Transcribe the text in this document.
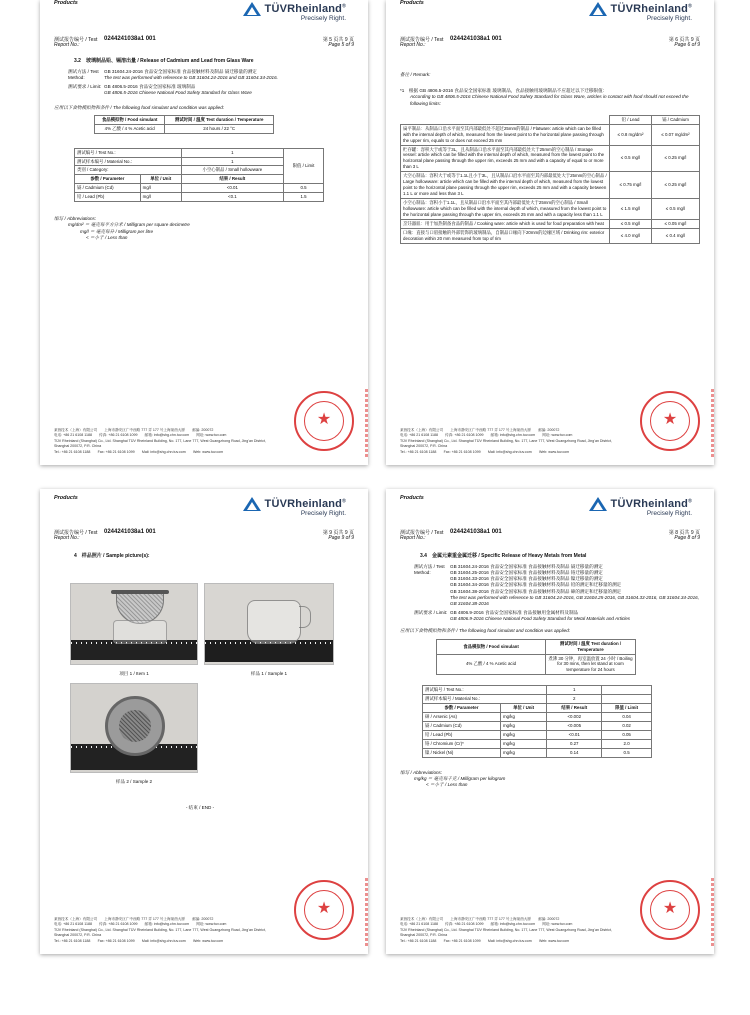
Products	TÜVRheinland®
Precisely Right.
测试报告编号 / Test 0244241038a1 001	第 5 页共 9 页
Report No.:	Page 5 of 9
3.2　玻璃制品铅、镉溶出量 / Release of Cadmium and Lead from Glass Ware
测试方法 / Test Method:
GB 31604.24-2016 食品安全国家标准 食品接触材料及制品 镉迁移量的测定
The test was performed with reference to GB 31604.24-2016 and GB 31604.34-2016.
测试要求 / Limit: GB 4806.5-2016 食品安全国家标准 玻璃制品
GB 4806.5-2016 Chinese National Food Safety Standard for Glass Ware
应用以下食物模拟物和条件 / The following food simulant and condition was applied:
食品模拟物 / Food simulant	测试时间 / 温度 Test duration / Temperature
4% 乙酸 / 4 % Acetic acid	24 hours / 22 °C
测试编号 / Test No.:		1	限值 / Limit
测试样本编号 / Material No.:		1	
类别 / Category:		小空心制品 / Small hollowware	
参数 / Parameter	单位 / Unit	结果 / Result	
镉 / Cadmium (Cd)	mg/l	<0.01	0.5
铅 / Lead (Pb)	mg/l	<0.1	1.5
缩写 / Abbreviations:
mg/dm² ＝ 毫克每平方分米 / Milligram per square decimetre
mg/l ＝ 毫克每升 / Milligram per litre
< ＝小于 / Less than
莱茵技术（上海）有限公司　　上海市静安区广中西路 777 弄 177 号上海莱茵大厦　　邮编: 200072
电话: +86 21 6108 1188　　传真: +86 21 6108 1099　　邮箱: info@shg.chn.tuv.com　　网址: www.tuv.com
TÜV Rheinland (Shanghai) Co., Ltd. Shanghai TÜV Rheinland Building, No. 177, Lane 777, West Guangzhong Road, Jing'an District,
Shanghai 200072, P.R. China
Tel.: +86 21 6108 1188　　Fax: +86 21 6108 1099　　Mail: info@shg.chn.tuv.com　　Web: www.tuv.com
★
Products	TÜVRheinland®
Precisely Right.
测试报告编号 / Test 0244241038a1 001	第 6 页共 9 页
Report No.:	Page 6 of 9
备注 / Remark:
*1　根据 GB 4806.5-2016 食品安全国家标准 玻璃制品，食品接触用玻璃制品不应超过以下迁移限值:
According to GB 4806.5-2016 Chinese National Food Safety Standard for Glass Ware, articles in contact with food should not exceed the following limits:
	铅 / Lead	镉 / Cadmium
扁平制品：从制品口沿水平面至其内部最低处不超过25mm的制品 / Flatware: article which can be filled with the internal depth of which, measured from the lowest point to the horizontal plane passing through the upper rim, equals to or does not exceed 25 mm	≤ 0.8 mg/dm²	≤ 0.07 mg/dm²
贮存罐：容积大于或等于3L，且从制品口沿水平面至其内部最低处大于25mm的空心制品 / Storage vessel: article which can be filled with the internal depth of which, measured from the lowest point to the horizontal plane passing through the upper rim, exceeds 25 mm and with a capacity of equal to or more than 3 L	≤ 0.5 mg/l	≤ 0.25 mg/l
大空心制品：容积大于或等于1.1L且小于3L，且从制品口沿水平面至其内部最低处大于25mm的空心制品 / Large hollowware: article which can be filled with the internal depth of which, measured from the lowest point to the horizontal plane passing through the upper rim, exceeds 25 mm and with a capacity between 1.1 L or more and less than 3 L	≤ 0.75 mg/l	≤ 0.25 mg/l
小空心制品：容积小于1.1L，且从制品口沿水平面至其内部最低处大于25mm的空心制品 / Small hollowware: article which can be filled with the internal depth of which, measured from the lowest point to the horizontal plane passing through the upper rim, exceeds 25 mm and with a capacity less than 1.1 L	≤ 1.5 mg/l	≤ 0.5 mg/l
烹饪器皿：用于加热制备食品的制品 / Cooking ware: article which is used for food preparation with heat	≤ 0.5 mg/l	≤ 0.05 mg/l
口缘：直接与口唇接触的外部装饰的玻璃制品，自制品口缘向下20mm的边缘区域 / Drinking rim: exterior decoration within 20 mm measured from top of rim	≤ 4.0 mg/l	≤ 0.4 mg/l
莱茵技术（上海）有限公司　　上海市静安区广中西路 777 弄 177 号上海莱茵大厦　　邮编: 200072
电话: +86 21 6108 1188　　传真: +86 21 6108 1099　　邮箱: info@shg.chn.tuv.com　　网址: www.tuv.com
TÜV Rheinland (Shanghai) Co., Ltd. Shanghai TÜV Rheinland Building, No. 177, Lane 777, West Guangzhong Road, Jing'an District,
Shanghai 200072, P.R. China
Tel.: +86 21 6108 1188　　Fax: +86 21 6108 1099　　Mail: info@shg.chn.tuv.com　　Web: www.tuv.com
★
Products	TÜVRheinland®
Precisely Right.
测试报告编号 / Test 0244241038a1 001	第 9 页共 9 页
Report No.:	Page 9 of 9
4　样品照片 / Sample picture(s):
项目 1 / Item 1	样品 1 / Sample 1
样品 2 / Sample 2
- 结束 / END -
莱茵技术（上海）有限公司　　上海市静安区广中西路 777 弄 177 号上海莱茵大厦　　邮编: 200072
电话: +86 21 6108 1188　　传真: +86 21 6108 1099　　邮箱: info@shg.chn.tuv.com　　网址: www.tuv.com
TÜV Rheinland (Shanghai) Co., Ltd. Shanghai TÜV Rheinland Building, No. 177, Lane 777, West Guangzhong Road, Jing'an District,
Shanghai 200072, P.R. China
Tel.: +86 21 6108 1188　　Fax: +86 21 6108 1099　　Mail: info@shg.chn.tuv.com　　Web: www.tuv.com
★
Products	TÜVRheinland®
Precisely Right.
测试报告编号 / Test 0244241038a1 001	第 8 页共 9 页
Report No.:	Page 8 of 9
3.4　金属元素重金属迁移 / Specific Release of Heavy Metals from Metal
测试方法 / Test Method:
GB 31604.24-2016 食品安全国家标准 食品接触材料及制品 镉迁移量的测定
GB 31604.25-2016 食品安全国家标准 食品接触材料及制品 铬迁移量的测定
GB 31604.33-2016 食品安全国家标准 食品接触材料及制品 镍迁移量的测定
GB 31604.34-2016 食品安全国家标准 食品接触材料及制品 铅的测定和迁移量的测定
GB 31604.38-2016 食品安全国家标准 食品接触材料及制品 砷的测定和迁移量的测定
The test was performed with reference to GB 31604.24-2016, GB 31604.25-2016, GB 31604.33-2016, GB 31604.34-2016, GB 31604.38-2016
测试要求 / Limit: GB 4806.9-2016 食品安全国家标准 食品接触用金属材料及制品
GB 4806.9-2016 Chinese National Food Safety Standard for Metal Materials and Articles
应用以下食物模拟物和条件 / The following food simulant and condition was applied:
食品模拟物 / Food simulant	测试时间 / 温度 Test duration / Temperature
4% 乙酸 / 4 % Acetic acid	煮沸 30 分钟，再室温放置 24 小时 / Boiling for 30 mins, then let stand at room temperature for 24 hours
测试编号 / Test No.:		1	
测试样本编号 / Material No.:		2	
参数 / Parameter	单位 / Unit	结果 / Result	限值 / Limit
砷 / Arsenic (As)	mg/kg	<0.002	0.04
镉 / Cadmium (Cd)	mg/kg	<0.005	0.02
铅 / Lead (Pb)	mg/kg	<0.01	0.05
铬 / Chromium (Cr)*	mg/kg	0.27	2.0
镍 / Nickel (Ni)	mg/kg	0.14	0.5
缩写 / Abbreviations:
mg/kg ＝ 毫克每千克 / Milligram per kilogram
< ＝小于 / Less than
莱茵技术（上海）有限公司　　上海市静安区广中西路 777 弄 177 号上海莱茵大厦　　邮编: 200072
电话: +86 21 6108 1188　　传真: +86 21 6108 1099　　邮箱: info@shg.chn.tuv.com　　网址: www.tuv.com
TÜV Rheinland (Shanghai) Co., Ltd. Shanghai TÜV Rheinland Building, No. 177, Lane 777, West Guangzhong Road, Jing'an District,
Shanghai 200072, P.R. China
Tel.: +86 21 6108 1188　　Fax: +86 21 6108 1099　　Mail: info@shg.chn.tuv.com　　Web: www.tuv.com
★
